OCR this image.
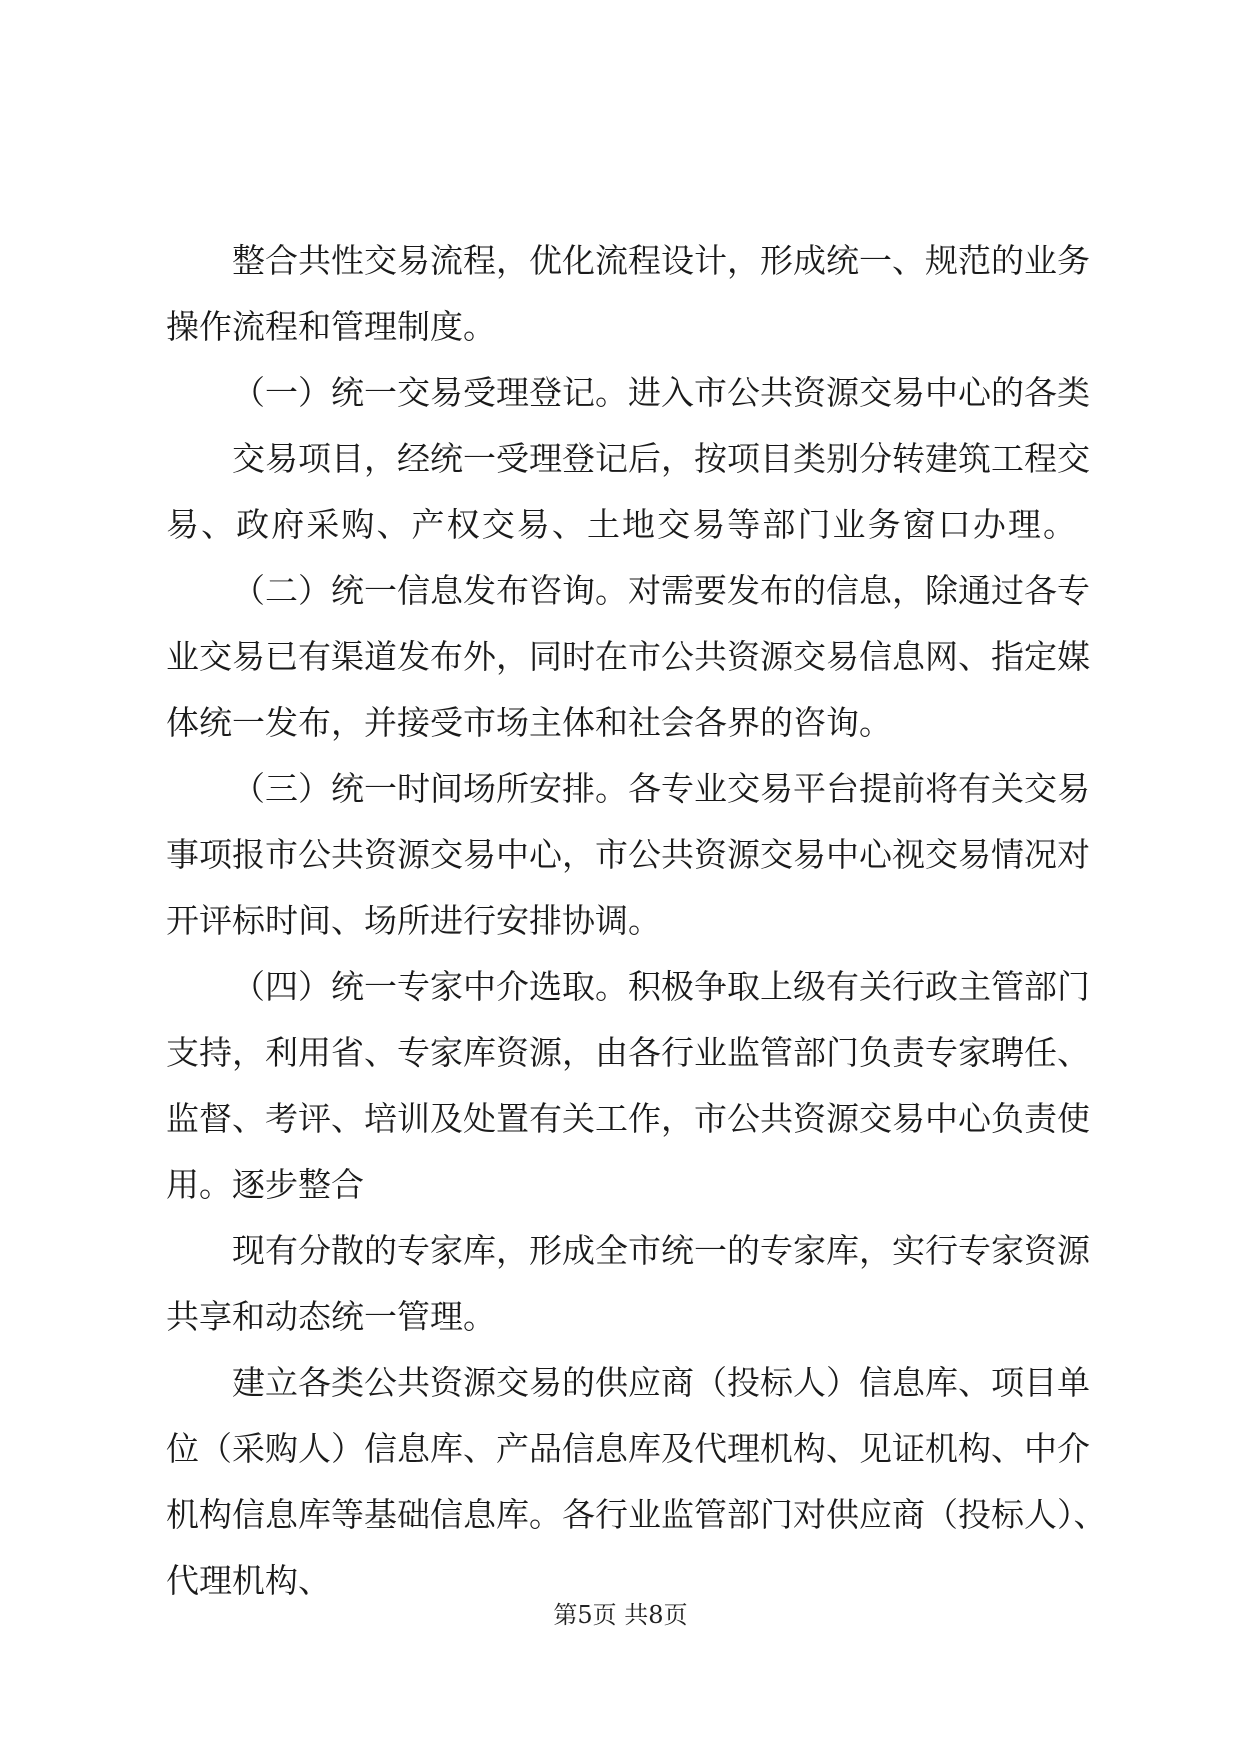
整合共性交易流程，优化流程设计，形成统一、规范的业务
操作流程和管理制度。
（一）统一交易受理登记。进入市公共资源交易中心的各类
交易项目，经统一受理登记后，按项目类别分转建筑工程交
易、政府采购、产权交易、土地交易等部门业务窗口办理。
（二）统一信息发布咨询。对需要发布的信息，除通过各专
业交易已有渠道发布外，同时在市公共资源交易信息网、指定媒
体统一发布，并接受市场主体和社会各界的咨询。
（三）统一时间场所安排。各专业交易平台提前将有关交易
事项报市公共资源交易中心，市公共资源交易中心视交易情况对
开评标时间、场所进行安排协调。
（四）统一专家中介选取。积极争取上级有关行政主管部门
支持，利用省、专家库资源，由各行业监管部门负责专家聘任、
监督、考评、培训及处置有关工作，市公共资源交易中心负责使
用。逐步整合
现有分散的专家库，形成全市统一的专家库，实行专家资源
共享和动态统一管理。
建立各类公共资源交易的供应商（投标人）信息库、项目单
位（采购人）信息库、产品信息库及代理机构、见证机构、中介
机构信息库等基础信息库。各行业监管部门对供应商（投标人）、
代理机构、
第5页 共8页
